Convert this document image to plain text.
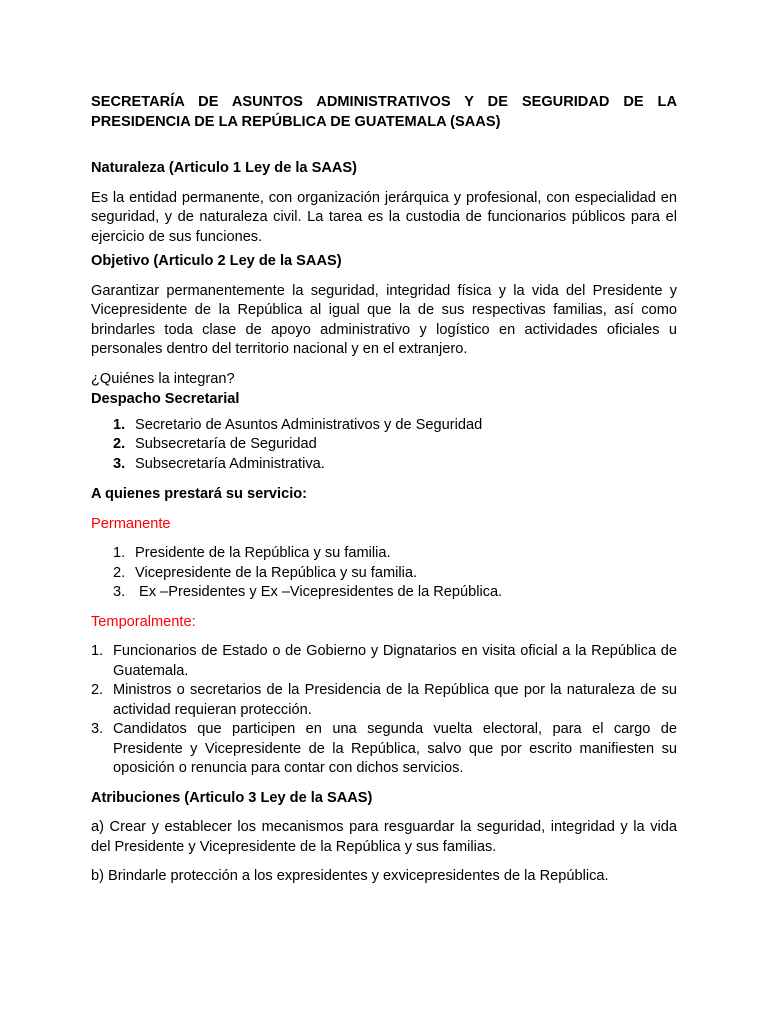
SECRETARÍA DE ASUNTOS ADMINISTRATIVOS Y DE SEGURIDAD DE LA PRESIDENCIA DE LA REPÚBLICA DE GUATEMALA (SAAS)

Naturaleza (Articulo 1 Ley de la SAAS)

Es la entidad permanente, con organización jerárquica y profesional, con especialidad en seguridad, y de naturaleza civil. La tarea es la custodia de funcionarios públicos para el ejercicio de sus funciones.

Objetivo (Articulo 2 Ley de la SAAS)

Garantizar permanentemente la seguridad, integridad física y la vida del Presidente y Vicepresidente de la República al igual que la de sus respectivas familias, así como brindarles toda clase de apoyo administrativo y logístico en actividades oficiales u personales dentro del territorio nacional y en el extranjero.

¿Quiénes la integran?

Despacho Secretarial

1. Secretario de Asuntos Administrativos y de Seguridad
2. Subsecretaría de Seguridad
3. Subsecretaría Administrativa.

A quienes prestará su servicio:

Permanente

1. Presidente de la República y su familia.
2. Vicepresidente de la República y su familia.
3. Ex –Presidentes y Ex –Vicepresidentes de la República.

Temporalmente:

1. Funcionarios de Estado o de Gobierno y Dignatarios en visita oficial a la República de Guatemala.
2. Ministros o secretarios de la Presidencia de la República que por la naturaleza de su actividad requieran protección.
3. Candidatos que participen en una segunda vuelta electoral, para el cargo de Presidente y Vicepresidente de la República, salvo que por escrito manifiesten su oposición o renuncia para contar con dichos servicios.

Atribuciones (Articulo 3 Ley de la SAAS)

a) Crear y establecer los mecanismos para resguardar la seguridad, integridad y la vida del Presidente y Vicepresidente de la República y sus familias.

b) Brindarle protección a los expresidentes y exvicepresidentes de la República.
